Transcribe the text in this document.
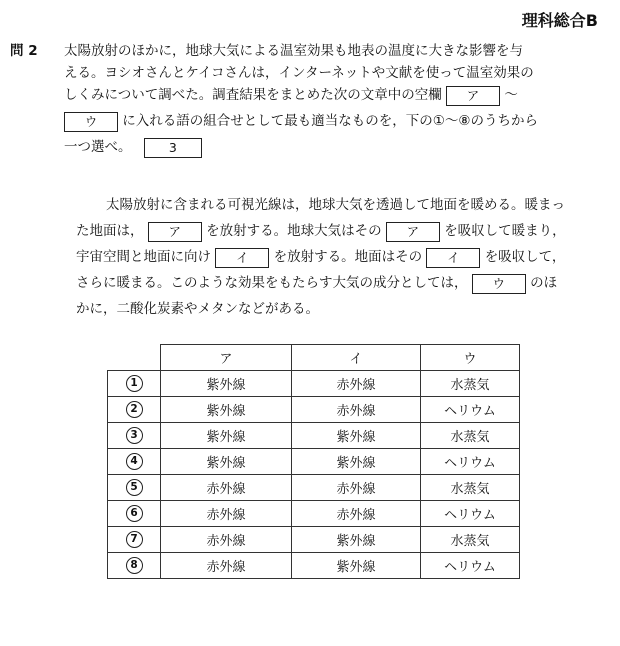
理科総合B
問 2 太陽放射のほかに，地球大気による温室効果も地表の温度に大きな影響を与
える。ヨシオさんとケイコさんは，インターネットや文献を使って温室効果の
しくみについて調べた。調査結果をまとめた次の文章中の空欄 ア 〜
ウ に入れる語の組合せとして最も適当なものを，下の①〜⑧のうちから
一つ選べ。	3
太陽放射に含まれる可視光線は，地球大気を透過して地面を暖める。暖まっ
た地面は， ア を放射する。地球大気はその ア を吸収して暖まり，
宇宙空間と地面に向け イ を放射する。地面はその イ を吸収して，
さらに暖まる。このような効果をもたらす大気の成分としては， ウ のほ
かに，二酸化炭素やメタンなどがある。
	ア	イ	ウ
1	紫外線	赤外線	水蒸気
2	紫外線	赤外線	ヘリウム
3	紫外線	紫外線	水蒸気
4	紫外線	紫外線	ヘリウム
5	赤外線	赤外線	水蒸気
6	赤外線	赤外線	ヘリウム
7	赤外線	紫外線	水蒸気
8	赤外線	紫外線	ヘリウム
